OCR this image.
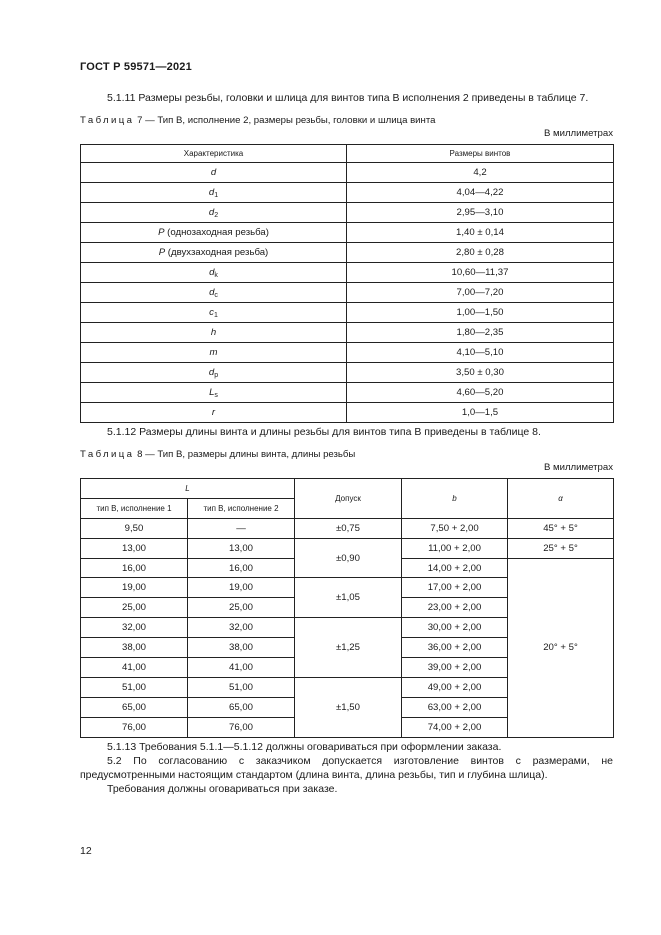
ГОСТ Р 59571—2021
5.1.11 Размеры резьбы, головки и шлица для винтов типа В исполнения 2 приведены в таблице 7.
Таблица 7 — Тип В, исполнение 2, размеры резьбы, головки и шлица винта
В миллиметрах
Характеристика	Размеры винтов
d	4,2
$d_1$	4,04—4,22
$d_2$	2,95—3,10
P (однозаходная резьба)	1,40 ± 0,14
P (двухзаходная резьба)	2,80 ± 0,28
$d_k$	10,60—11,37
$d_c$	7,00—7,20
$c_1$	1,00—1,50
h	1,80—2,35
m	4,10—5,10
$d_p$	3,50 ± 0,30
$L_s$	4,60—5,20
r	1,0—1,5
5.1.12 Размеры длины винта и длины резьбы для винтов типа В приведены в таблице 8.
Таблица 8 — Тип В, размеры длины винта, длины резьбы
В миллиметрах
L		Допуск	b	α
тип В, исполнение 1	тип В, исполнение 2			
9,50	—	±0,75	7,50 + 2,00	45° + 5°
13,00	13,00	±0,90	11,00 + 2,00	25° + 5°
16,00	16,00		14,00 + 2,00	20° + 5°
19,00	19,00	±1,05	17,00 + 2,00	
25,00	25,00		23,00 + 2,00	
32,00	32,00	±1,25	30,00 + 2,00	
38,00	38,00		36,00 + 2,00	
41,00	41,00		39,00 + 2,00	
51,00	51,00	±1,50	49,00 + 2,00	
65,00	65,00		63,00 + 2,00	
76,00	76,00		74,00 + 2,00	
5.1.13 Требования 5.1.1—5.1.12 должны оговариваться при оформлении заказа.
5.2 По согласованию с заказчиком допускается изготовление винтов с размерами, не предусмотренными настоящим стандартом (длина винта, длина резьбы, тип и глубина шлица).
Требования должны оговариваться при заказе.
12
